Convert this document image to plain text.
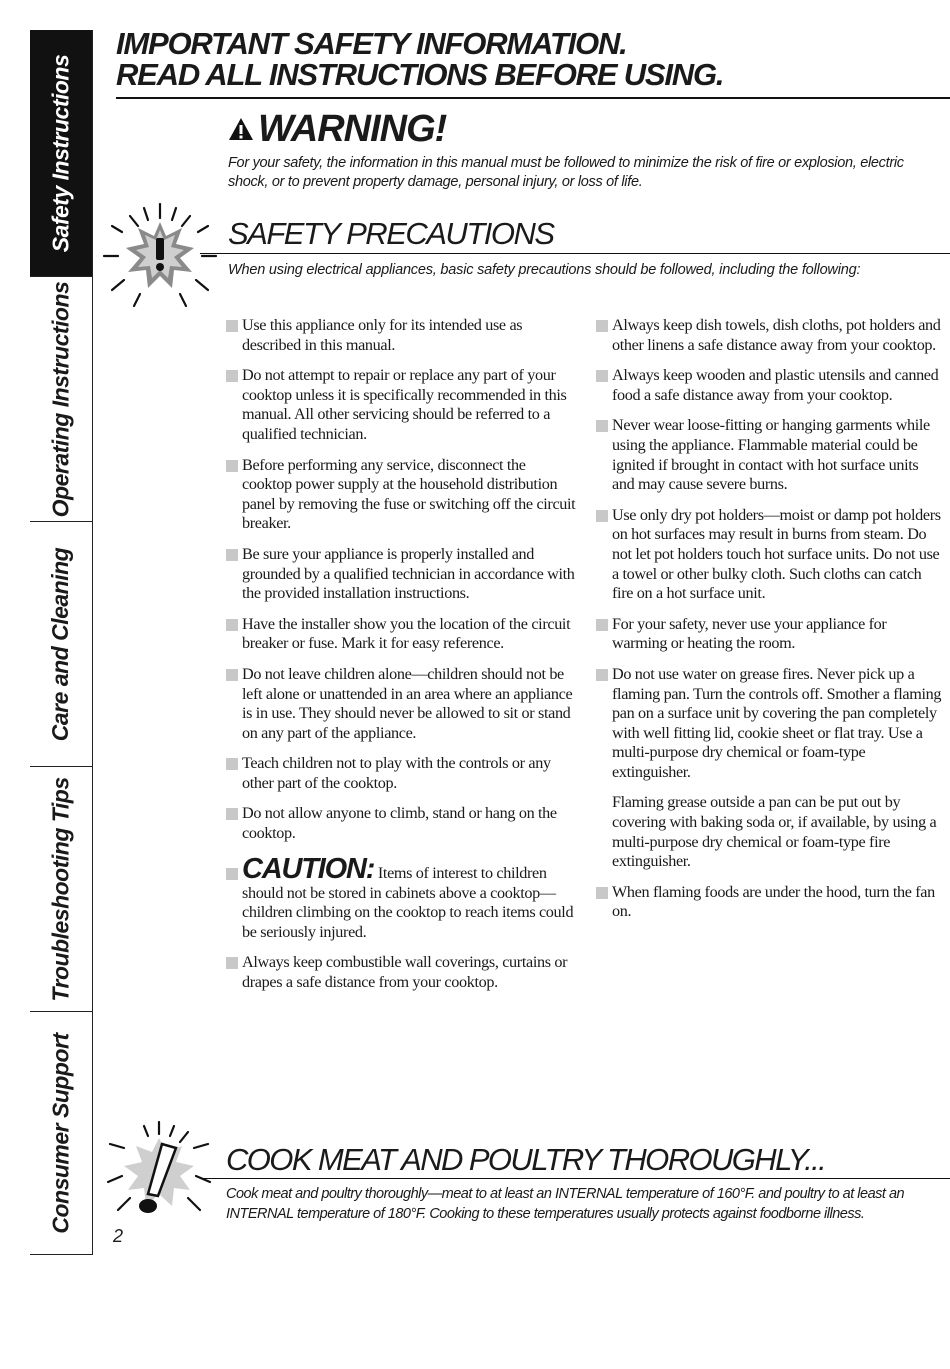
Safety Instructions
Operating Instructions
Care and Cleaning
Troubleshooting Tips
Consumer Support
IMPORTANT SAFETY INFORMATION.
READ ALL INSTRUCTIONS BEFORE USING.
WARNING!

For your safety, the information in this manual must be followed to minimize the risk of fire or explosion, electric shock, or to prevent property damage, personal injury, or loss of life.

SAFETY PRECAUTIONS

When using electrical appliances, basic safety precautions should be followed, including the following:

Use this appliance only for its intended use as described in this manual.

Do not attempt to repair or replace any part of your cooktop unless it is specifically recommended in this manual. All other servicing should be referred to a qualified technician.

Before performing any service, disconnect the cooktop power supply at the household distribution panel by removing the fuse or switching off the circuit breaker.

Be sure your appliance is properly installed and grounded by a qualified technician in accordance with the provided installation instructions.

Have the installer show you the location of the circuit breaker or fuse. Mark it for easy reference.

Do not leave children alone—children should not be left alone or unattended in an area where an appliance is in use. They should never be allowed to sit or stand on any part of the appliance.

Teach children not to play with the controls or any other part of the cooktop.

Do not allow anyone to climb, stand or hang on the cooktop.

CAUTION: Items of interest to children should not be stored in cabinets above a cooktop—children climbing on the cooktop to reach items could be seriously injured.

Always keep combustible wall coverings, curtains or drapes a safe distance from your cooktop.

Always keep dish towels, dish cloths, pot holders and other linens a safe distance away from your cooktop.

Always keep wooden and plastic utensils and canned food a safe distance away from your cooktop.

Never wear loose-fitting or hanging garments while using the appliance. Flammable material could be ignited if brought in contact with hot surface units and may cause severe burns.

Use only dry pot holders—moist or damp pot holders on hot surfaces may result in burns from steam. Do not let pot holders touch hot surface units. Do not use a towel or other bulky cloth. Such cloths can catch fire on a hot surface unit.

For your safety, never use your appliance for warming or heating the room.

Do not use water on grease fires. Never pick up a flaming pan. Turn the controls off. Smother a flaming pan on a surface unit by covering the pan completely with well fitting lid, cookie sheet or flat tray. Use a multi-purpose dry chemical or foam-type extinguisher.

Flaming grease outside a pan can be put out by covering with baking soda or, if available, by using a multi-purpose dry chemical or foam-type fire extinguisher.

When flaming foods are under the hood, turn the fan on.

COOK MEAT AND POULTRY THOROUGHLY...

Cook meat and poultry thoroughly—meat to at least an INTERNAL temperature of 160°F. and poultry to at least an INTERNAL temperature of 180°F. Cooking to these temperatures usually protects against foodborne illness.

2
